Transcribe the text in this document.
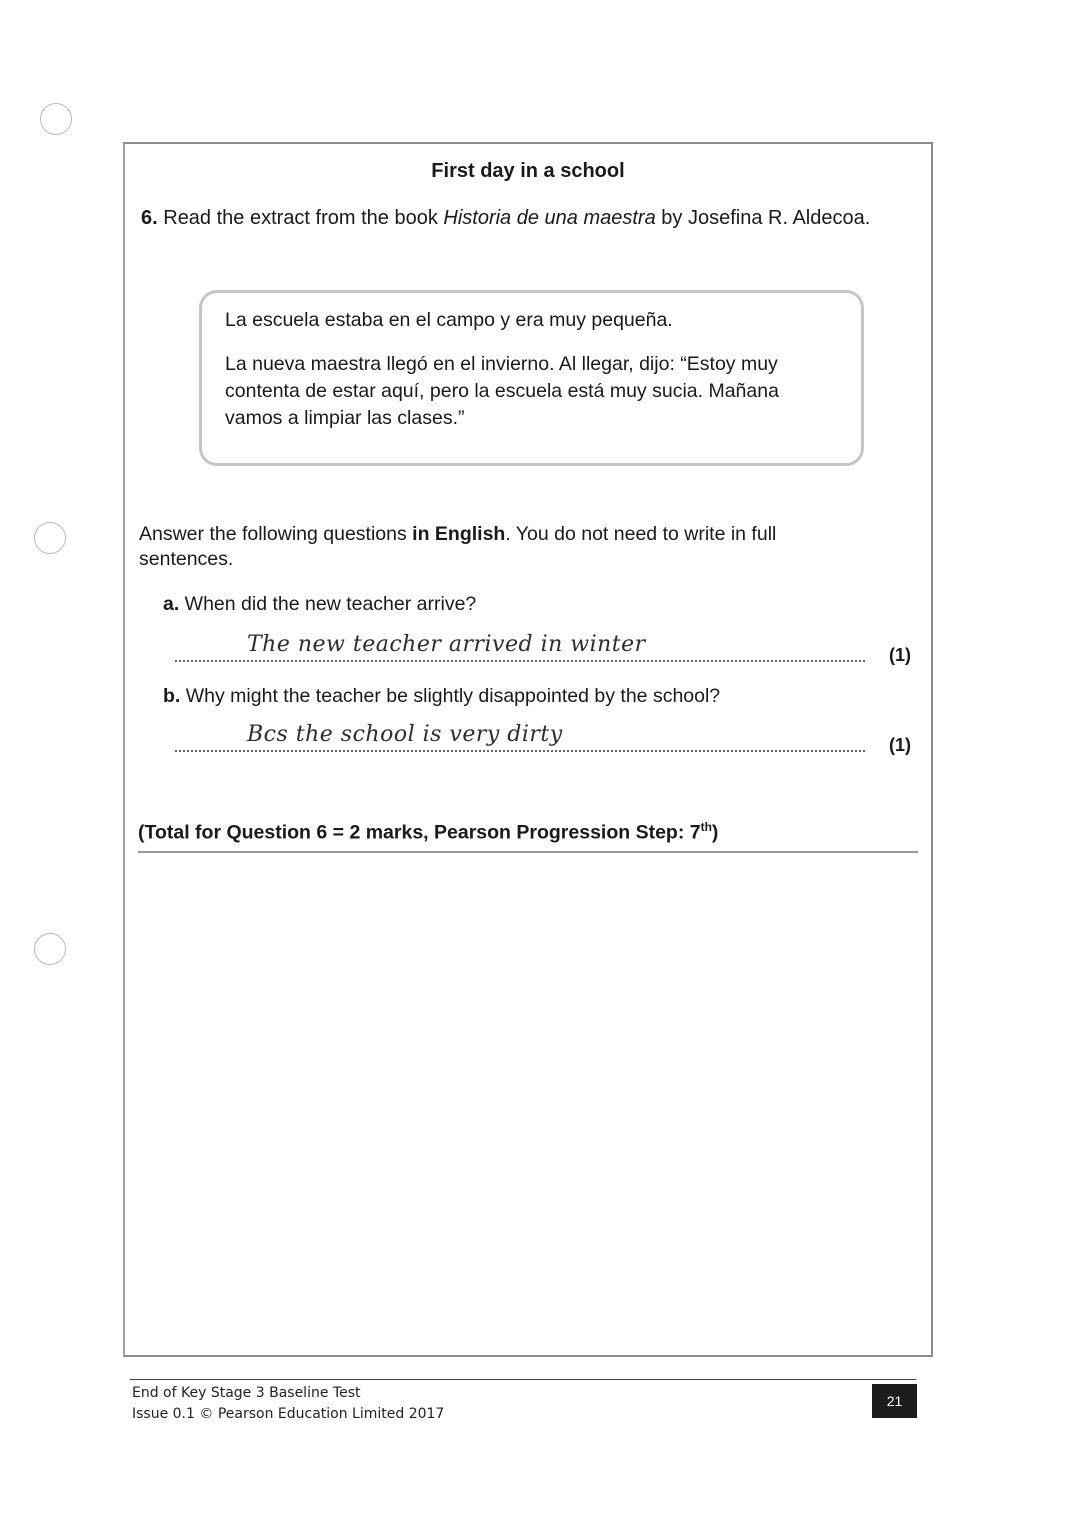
First day in a school
6. Read the extract from the book Historia de una maestra by Josefina R. Aldecoa.

La escuela estaba en el campo y era muy pequeña.

La nueva maestra llegó en el invierno. Al llegar, dijo: “Estoy muy contenta de estar aquí, pero la escuela está muy sucia. Mañana vamos a limpiar las clases.”

Answer the following questions in English. You do not need to write in full sentences.
a. When did the new teacher arrive?
The new teacher arrived in winter	(1)
b. Why might the teacher be slightly disappointed by the school?
Bcs the school is very dirty	(1)
(Total for Question 6 = 2 marks, Pearson Progression Step: 7th)
End of Key Stage 3 Baseline Test
Issue 0.1 © Pearson Education Limited 2017
21
